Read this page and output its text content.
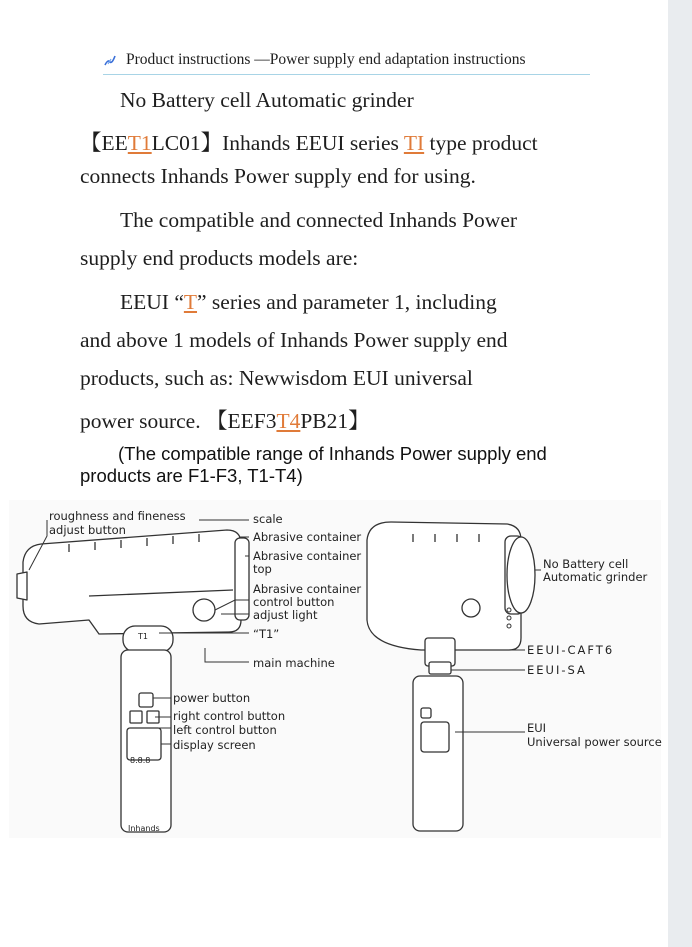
Product instructions —Power supply end adaptation instructions
No Battery cell Automatic grinder
【EET1LC01】Inhands EEUI series TI type product
connects Inhands Power supply end for using.
The compatible and connected Inhands Power
supply end products models are:
EEUI “T” series and parameter 1, including
and above 1 models of Inhands Power supply end
products, such as: Newwisdom EUI universal
power source. 【EEF3T4PB21】
(The compatible range of Inhands Power supply end
products are F1-F3, T1-T4)
T1
8.8.8
Inhands
roughness and fineness
adjust button
scale
Abrasive container
Abrasive container
top
Abrasive container
control button
adjust light
“T1”
main machine
power button
right control button
left control button
display screen
No Battery cell
Automatic grinder
EEUI-CAFT6
EEUI-SA
EUI
Universal power source
